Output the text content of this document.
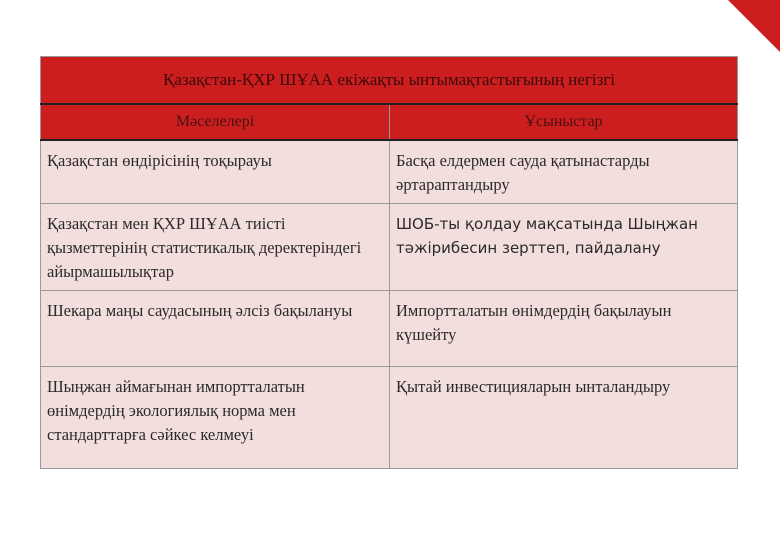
Қазақстан-ҚХР ШҰАА екіжақты ынтымақтастығының негізгі	
Мәселелері	Ұсыныстар
Қазақстан өндірісінің тоқырауы	Басқа елдермен сауда қатынастарды әртараптандыру
Қазақстан мен ҚХР ШҰАА тиісті қызметтерінің статистикалық деректеріндегі айырмашылықтар	ШОБ-ты қолдау мақсатында Шыңжан тәжірибесин зерттеп, пайдалану
Шекара маңы саудасының әлсіз бақылануы	Импортталатын өнімдердің бақылауын күшейту
Шыңжан аймағынан импортталатын өнімдердің экологиялық норма мен стандарттарға сәйкес келмеуі	Қытай инвестицияларын ынталандыру
